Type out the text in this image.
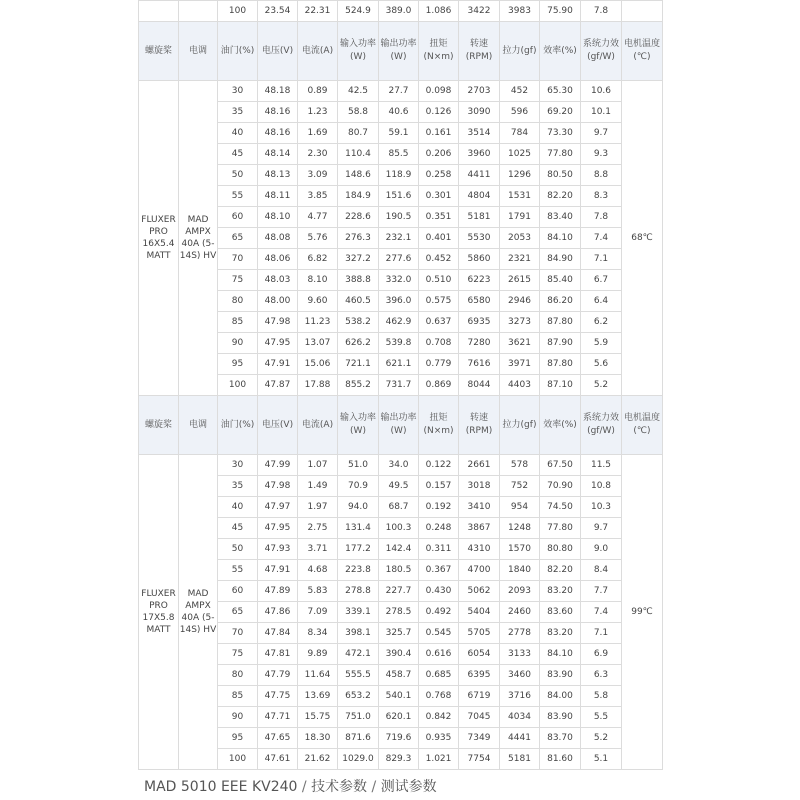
		100	23.54	22.31	524.9	389.0	1.086	3422	3983	75.90	7.8	
螺旋桨	电调	油门(%)	电压(V)	电流(A)	输入功率(W)	输出功率(W)	扭矩(N×m)	转速(RPM)	拉力(gf)	效率(%)	系统力效(gf/W)	电机温度(℃)
FLUXER PRO 16X5.4 MATT	MAD AMPX 40A (5-14S) HV	30	48.18	0.89	42.5	27.7	0.098	2703	452	65.30	10.6	68℃
		35	48.16	1.23	58.8	40.6	0.126	3090	596	69.20	10.1	
		40	48.16	1.69	80.7	59.1	0.161	3514	784	73.30	9.7	
		45	48.14	2.30	110.4	85.5	0.206	3960	1025	77.80	9.3	
		50	48.13	3.09	148.6	118.9	0.258	4411	1296	80.50	8.8	
		55	48.11	3.85	184.9	151.6	0.301	4804	1531	82.20	8.3	
		60	48.10	4.77	228.6	190.5	0.351	5181	1791	83.40	7.8	
		65	48.08	5.76	276.3	232.1	0.401	5530	2053	84.10	7.4	
		70	48.06	6.82	327.2	277.6	0.452	5860	2321	84.90	7.1	
		75	48.03	8.10	388.8	332.0	0.510	6223	2615	85.40	6.7	
		80	48.00	9.60	460.5	396.0	0.575	6580	2946	86.20	6.4	
		85	47.98	11.23	538.2	462.9	0.637	6935	3273	87.80	6.2	
		90	47.95	13.07	626.2	539.8	0.708	7280	3621	87.90	5.9	
		95	47.91	15.06	721.1	621.1	0.779	7616	3971	87.80	5.6	
		100	47.87	17.88	855.2	731.7	0.869	8044	4403	87.10	5.2	
螺旋桨	电调	油门(%)	电压(V)	电流(A)	输入功率(W)	输出功率(W)	扭矩(N×m)	转速(RPM)	拉力(gf)	效率(%)	系统力效(gf/W)	电机温度(℃)
FLUXER PRO 17X5.8 MATT	MAD AMPX 40A (5-14S) HV	30	47.99	1.07	51.0	34.0	0.122	2661	578	67.50	11.5	99℃
		35	47.98	1.49	70.9	49.5	0.157	3018	752	70.90	10.8	
		40	47.97	1.97	94.0	68.7	0.192	3410	954	74.50	10.3	
		45	47.95	2.75	131.4	100.3	0.248	3867	1248	77.80	9.7	
		50	47.93	3.71	177.2	142.4	0.311	4310	1570	80.80	9.0	
		55	47.91	4.68	223.8	180.5	0.367	4700	1840	82.20	8.4	
		60	47.89	5.83	278.8	227.7	0.430	5062	2093	83.20	7.7	
		65	47.86	7.09	339.1	278.5	0.492	5404	2460	83.60	7.4	
		70	47.84	8.34	398.1	325.7	0.545	5705	2778	83.20	7.1	
		75	47.81	9.89	472.1	390.4	0.616	6054	3133	84.10	6.9	
		80	47.79	11.64	555.5	458.7	0.685	6395	3460	83.90	6.3	
		85	47.75	13.69	653.2	540.1	0.768	6719	3716	84.00	5.8	
		90	47.71	15.75	751.0	620.1	0.842	7045	4034	83.90	5.5	
		95	47.65	18.30	871.6	719.6	0.935	7349	4441	83.70	5.2	
		100	47.61	21.62	1029.0	829.3	1.021	7754	5181	81.60	5.1	
MAD 5010 EEE KV240 / 技术参数 / 测试参数
